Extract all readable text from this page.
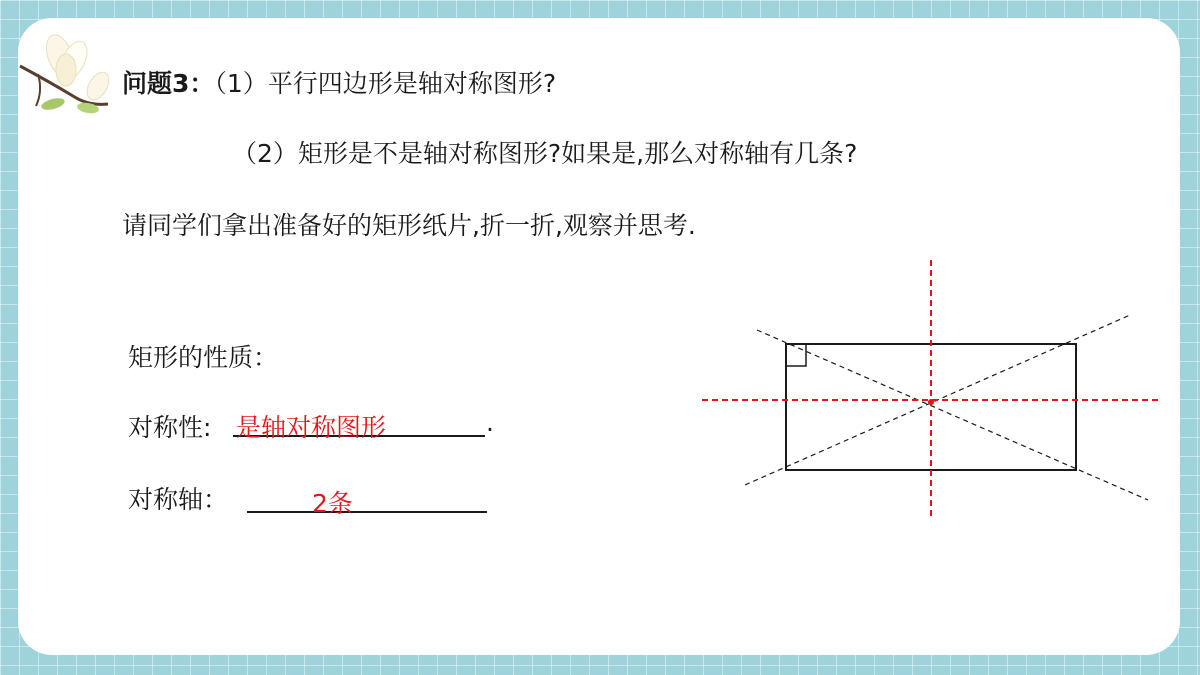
问题3：（1）平行四边形是轴对称图形?
（2）矩形是不是轴对称图形?如果是,那么对称轴有几条?
请同学们拿出准备好的矩形纸片,折一折,观察并思考.
矩形的性质：
对称性: 是轴对称图形	.
对称轴：	2条
